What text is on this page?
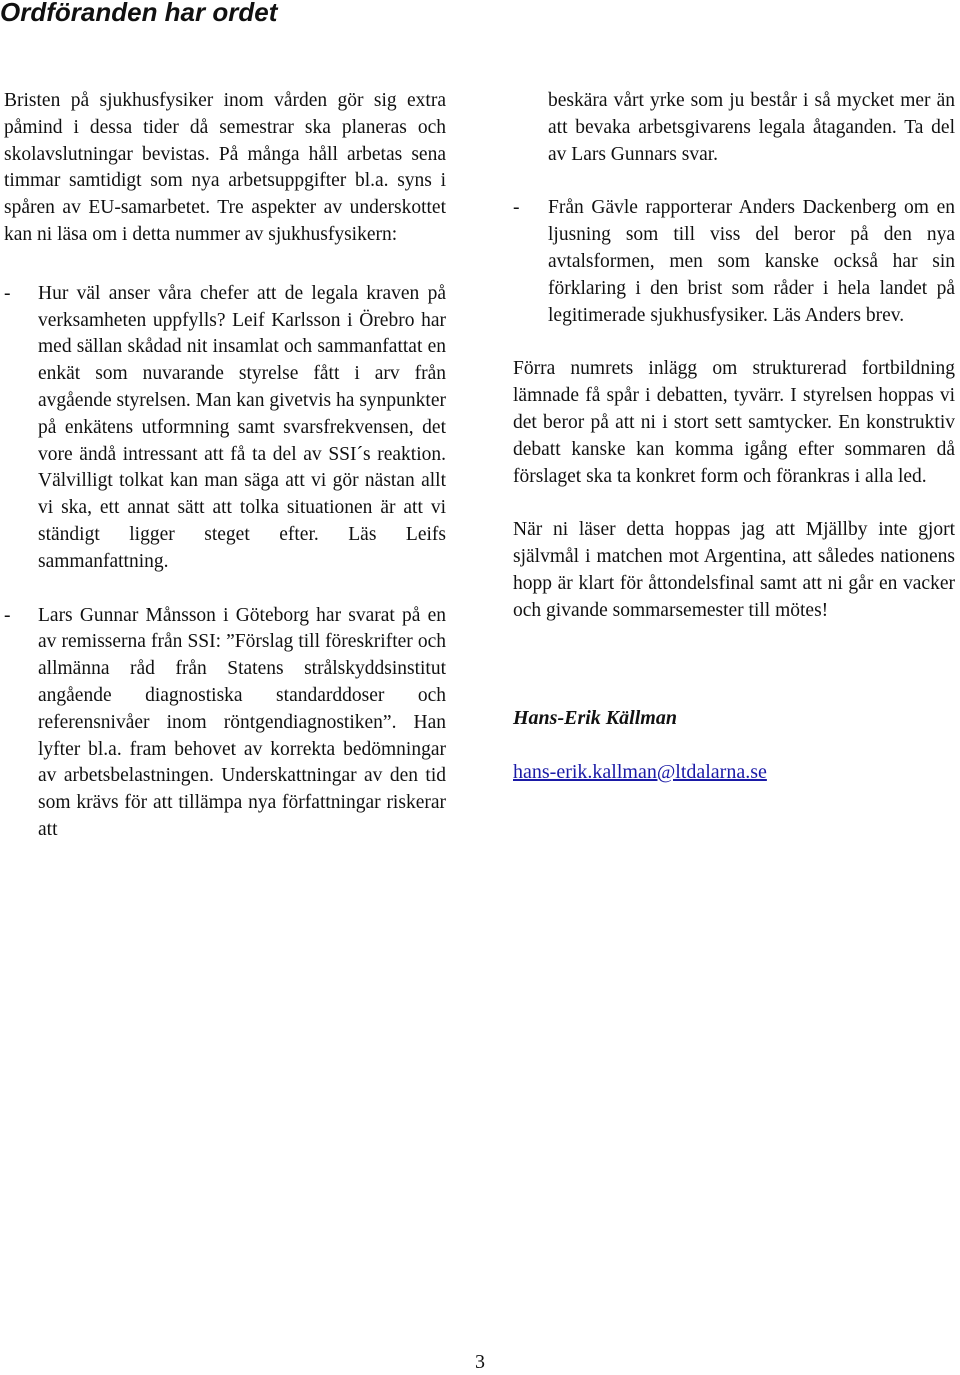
Ordföranden har ordet

Bristen på sjukhusfysiker inom vården gör sig extra påmind i dessa tider då semestrar ska planeras och skolavslutningar bevistas. På många håll arbetas sena timmar samtidigt som nya arbetsuppgifter bl.a. syns i spåren av EU-samarbetet. Tre aspekter av underskottet kan ni läsa om i detta nummer av sjukhusfysikern:

- Hur väl anser våra chefer att de legala kraven på verksamheten uppfylls? Leif Karlsson i Örebro har med sällan skådad nit insamlat och sammanfattat en enkät som nuvarande styrelse fått i arv från avgående styrelsen. Man kan givetvis ha synpunkter på enkätens utformning samt svarsfrekvensen, det vore ändå intressant att få ta del av SSI´s reaktion. Välvilligt tolkat kan man säga att vi gör nästan allt vi ska, ett annat sätt att tolka situationen är att vi ständigt ligger steget efter. Läs Leifs sammanfattning.

- Lars Gunnar Månsson i Göteborg har svarat på en av remisserna från SSI: ”Förslag till föreskrifter och allmänna råd från Statens strålskyddsinstitut angående diagnostiska standarddoser och referensnivåer inom röntgendiagnostiken”. Han lyfter bl.a. fram behovet av korrekta bedömningar av arbetsbelastningen. Underskattningar av den tid som krävs för att tillämpa nya författningar riskerar att

beskära vårt yrke som ju består i så mycket mer än att bevaka arbetsgivarens legala åtaganden. Ta del av Lars Gunnars svar.

- Från Gävle rapporterar Anders Dackenberg om en ljusning som till viss del beror på den nya avtalsformen, men som kanske också har sin förklaring i den brist som råder i hela landet på legitimerade sjukhusfysiker. Läs Anders brev.

Förra numrets inlägg om strukturerad fortbildning lämnade få spår i debatten, tyvärr. I styrelsen hoppas vi det beror på att ni i stort sett samtycker. En konstruktiv debatt kanske kan komma igång efter sommaren då förslaget ska ta konkret form och förankras i alla led.

När ni läser detta hoppas jag att Mjällby inte gjort självmål i matchen mot Argentina, att således nationens hopp är klart för åttondelsfinal samt att ni går en vacker och givande sommarsemester till mötes!

Hans-Erik Källman

hans-erik.kallman@ltdalarna.se

3
